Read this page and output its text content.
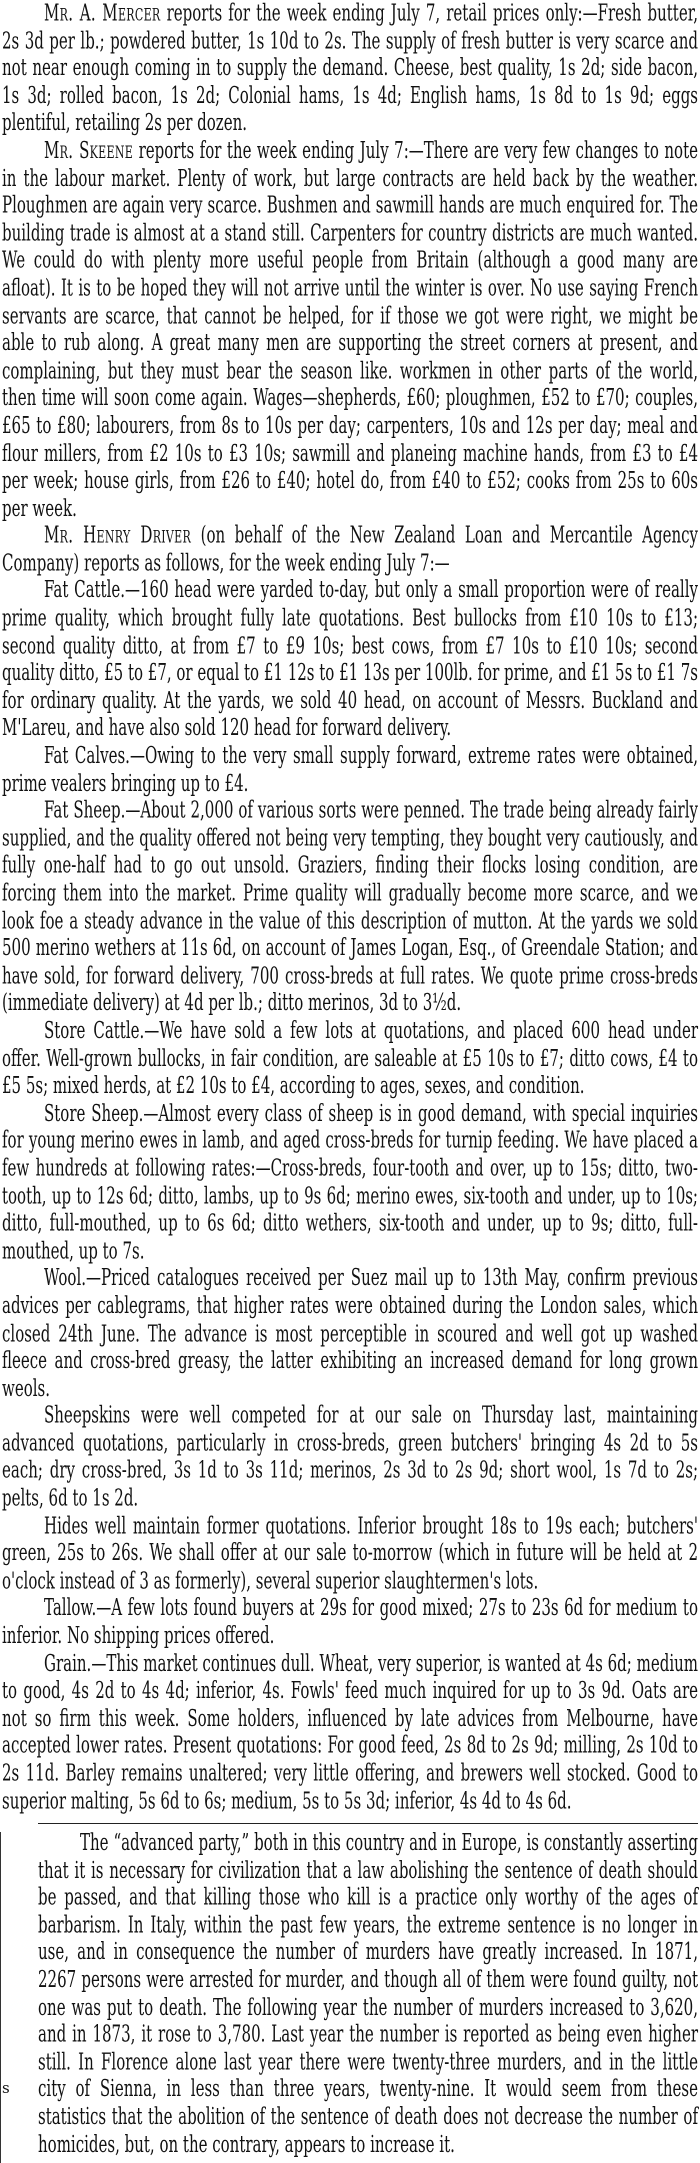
Mr. A. Mercer reports for the week ending July 7, retail prices only:—Fresh butter, 2s 3d per lb.; powdered butter, 1s 10d to 2s. The supply of fresh butter is very scarce and not near enough coming in to supply the demand. Cheese, best quality, 1s 2d; side bacon, 1s 3d; rolled bacon, 1s 2d; Colonial hams, 1s 4d; English hams, 1s 8d to 1s 9d; eggs plentiful, retailing 2s per dozen.

Mr. Skeene reports for the week ending July 7:—There are very few changes to note in the labour market. Plenty of work, but large contracts are held back by the weather. Ploughmen are again very scarce. Bushmen and sawmill hands are much enquired for. The building trade is almost at a stand still. Carpenters for country districts are much wanted. We could do with plenty more useful people from Britain (although a good many are afloat). It is to be hoped they will not arrive until the winter is over. No use saying French servants are scarce, that cannot be helped, for if those we got were right, we might be able to rub along. A great many men are supporting the street corners at present, and complaining, but they must bear the season like. workmen in other parts of the world, then time will soon come again. Wages—shepherds, £60; ploughmen, £52 to £70; couples, £65 to £80; labourers, from 8s to 10s per day; carpenters, 10s and 12s per day; meal and flour millers, from £2 10s to £3 10s; sawmill and planeing machine hands, from £3 to £4 per week; house girls, from £26 to £40; hotel do, from £40 to £52; cooks from 25s to 60s per week.

Mr. Henry Driver (on behalf of the New Zealand Loan and Mercantile Agency Company) reports as follows, for the week ending July 7:—

Fat Cattle.—160 head were yarded to-day, but only a small proportion were of really prime quality, which brought fully late quotations. Best bullocks from £10 10s to £13; second quality ditto, at from £7 to £9 10s; best cows, from £7 10s to £10 10s; second quality ditto, £5 to £7, or equal to £1 12s to £1 13s per 100lb. for prime, and £1 5s to £1 7s for ordinary quality. At the yards, we sold 40 head, on account of Messrs. Buckland and M'Lareu, and have also sold 120 head for forward delivery.

Fat Calves.—Owing to the very small supply forward, extreme rates were obtained, prime vealers bringing up to £4.

Fat Sheep.—About 2,000 of various sorts were penned. The trade being already fairly supplied, and the quality offered not being very tempting, they bought very cautiously, and fully one-half had to go out unsold. Graziers, finding their flocks losing condition, are forcing them into the market. Prime quality will gradually become more scarce, and we look foe a steady advance in the value of this description of mutton. At the yards we sold 500 merino wethers at 11s 6d, on account of James Logan, Esq., of Greendale Station; and have sold, for forward delivery, 700 cross-breds at full rates. We quote prime cross-breds (immediate delivery) at 4d per lb.; ditto merinos, 3d to 3½d.

Store Cattle.—We have sold a few lots at quotations, and placed 600 head under offer. Well-grown bullocks, in fair condition, are saleable at £5 10s to £7; ditto cows, £4 to £5 5s; mixed herds, at £2 10s to £4, according to ages, sexes, and condition.

Store Sheep.—Almost every class of sheep is in good demand, with special inquiries for young merino ewes in lamb, and aged cross-breds for turnip feeding. We have placed a few hundreds at following rates:—Cross-breds, four-tooth and over, up to 15s; ditto, two-tooth, up to 12s 6d; ditto, lambs, up to 9s 6d; merino ewes, six-tooth and under, up to 10s; ditto, full-mouthed, up to 6s 6d; ditto wethers, six-tooth and under, up to 9s; ditto, full-mouthed, up to 7s.

Wool.—Priced catalogues received per Suez mail up to 13th May, confirm previous advices per cablegrams, that higher rates were obtained during the London sales, which closed 24th June. The advance is most perceptible in scoured and well got up washed fleece and cross-bred greasy, the latter exhibiting an increased demand for long grown weols.

Sheepskins were well competed for at our sale on Thursday last, maintaining advanced quotations, particularly in cross-breds, green butchers' bringing 4s 2d to 5s each; dry cross-bred, 3s 1d to 3s 11d; merinos, 2s 3d to 2s 9d; short wool, 1s 7d to 2s; pelts, 6d to 1s 2d.

Hides well maintain former quotations. Inferior brought 18s to 19s each; butchers' green, 25s to 26s. We shall offer at our sale to-morrow (which in future will be held at 2 o'clock instead of 3 as formerly), several superior slaughtermen's lots.

Tallow.—A few lots found buyers at 29s for good mixed; 27s to 23s 6d for medium to inferior. No shipping prices offered.

Grain.—This market continues dull. Wheat, very superior, is wanted at 4s 6d; medium to good, 4s 2d to 4s 4d; inferior, 4s. Fowls' feed much inquired for up to 3s 9d. Oats are not so firm this week. Some holders, influenced by late advices from Melbourne, have accepted lower rates. Present quotations: For good feed, 2s 8d to 2s 9d; milling, 2s 10d to 2s 11d. Barley remains unaltered; very little offering, and brewers well stocked. Good to superior malting, 5s 6d to 6s; medium, 5s to 5s 3d; inferior, 4s 4d to 4s 6d.

The “advanced party,” both in this country and in Europe, is constantly asserting that it is necessary for civilization that a law abolishing the sentence of death should be passed, and that killing those who kill is a practice only worthy of the ages of barbarism. In Italy, within the past few years, the extreme sentence is no longer in use, and in consequence the number of murders have greatly increased. In 1871, 2267 persons were arrested for murder, and though all of them were found guilty, not one was put to death. The following year the number of murders increased to 3,620, and in 1873, it rose to 3,780. Last year the number is reported as being even higher still. In Florence alone last year there were twenty-three murders, and in the little city of Sienna, in less than three years, twenty-nine. It would seem from these statistics that the abolition of the sentence of death does not decrease the number of homicides, but, on the contrary, appears to increase it.

s
